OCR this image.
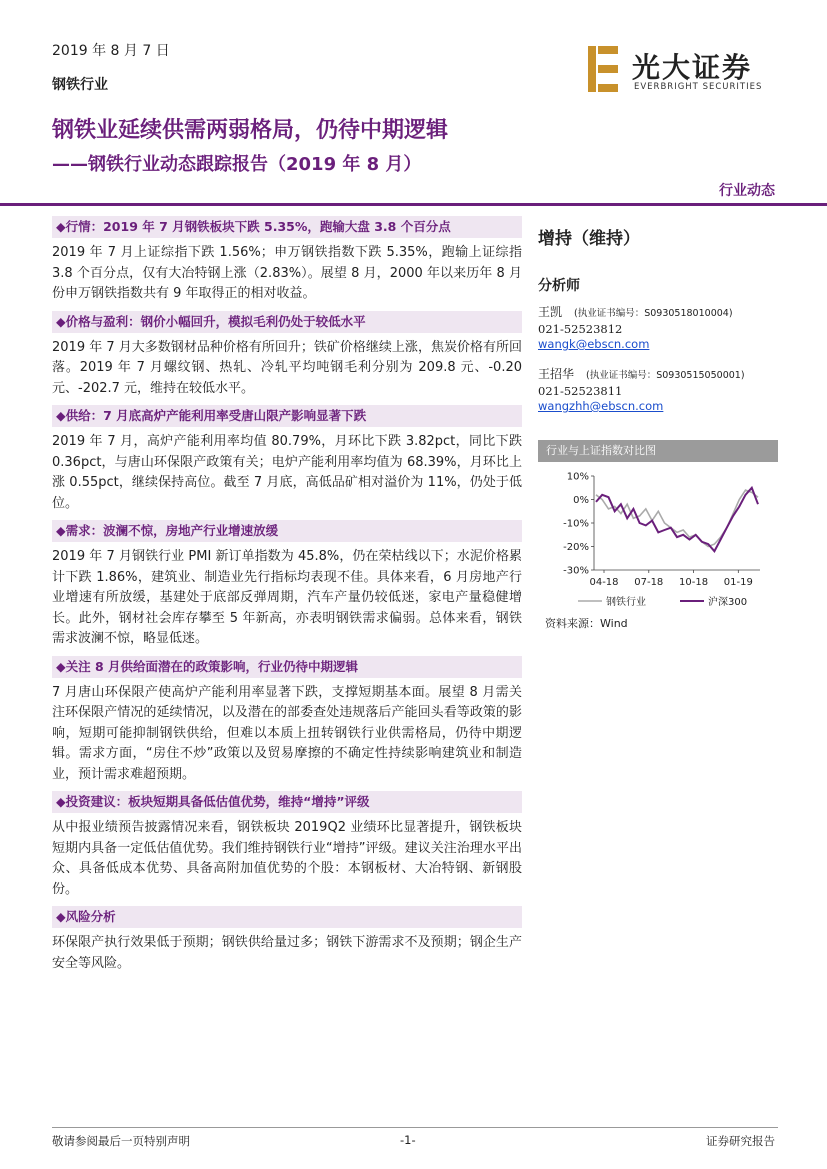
2019 年 8 月 7 日
钢铁行业
光大证券
EVERBRIGHT SECURITIES
钢铁业延续供需两弱格局，仍待中期逻辑
——钢铁行业动态跟踪报告（2019 年 8 月）
行业动态
◆行情：2019 年 7 月钢铁板块下跌 5.35%，跑输大盘 3.8 个百分点

2019 年 7 月上证综指下跌 1.56%；申万钢铁指数下跌 5.35%，跑输上证综指 3.8 个百分点，仅有大冶特钢上涨（2.83%）。展望 8 月，2000 年以来历年 8 月份申万钢铁指数共有 9 年取得正的相对收益。

◆价格与盈利：钢价小幅回升，模拟毛利仍处于较低水平

2019 年 7 月大多数钢材品种价格有所回升；铁矿价格继续上涨，焦炭价格有所回落。2019 年 7 月螺纹钢、热轧、冷轧平均吨钢毛利分别为 209.8 元、-0.20 元、-202.7 元，维持在较低水平。

◆供给：7 月底高炉产能利用率受唐山限产影响显著下跌

2019 年 7 月，高炉产能利用率均值 80.79%，月环比下跌 3.82pct，同比下跌 0.36pct，与唐山环保限产政策有关；电炉产能利用率均值为 68.39%，月环比上涨 0.55pct，继续保持高位。截至 7 月底，高低品矿相对溢价为 11%，仍处于低位。

◆需求：波澜不惊，房地产行业增速放缓

2019 年 7 月钢铁行业 PMI 新订单指数为 45.8%，仍在荣枯线以下；水泥价格累计下跌 1.86%，建筑业、制造业先行指标均表现不佳。具体来看，6 月房地产行业增速有所放缓，基建处于底部反弹周期，汽车产量仍较低迷，家电产量稳健增长。此外，钢材社会库存攀至 5 年新高，亦表明钢铁需求偏弱。总体来看，钢铁需求波澜不惊，略显低迷。

◆关注 8 月供给面潜在的政策影响，行业仍待中期逻辑

7 月唐山环保限产使高炉产能利用率显著下跌，支撑短期基本面。展望 8 月需关注环保限产情况的延续情况，以及潜在的部委查处违规落后产能回头看等政策的影响，短期可能抑制钢铁供给，但难以本质上扭转钢铁行业供需格局，仍待中期逻辑。需求方面，“房住不炒”政策以及贸易摩擦的不确定性持续影响建筑业和制造业，预计需求难超预期。

◆投资建议：板块短期具备低估值优势，维持“增持”评级

从中报业绩预告披露情况来看，钢铁板块 2019Q2 业绩环比显著提升，钢铁板块短期内具备一定低估值优势。我们维持钢铁行业“增持”评级。建议关注治理水平出众、具备低成本优势、具备高附加值优势的个股：本钢板材、大冶特钢、新钢股份。

◆风险分析

环保限产执行效果低于预期；钢铁供给量过多；钢铁下游需求不及预期；钢企生产安全等风险。

增持（维持）
分析师
王凯 (执业证书编号：S0930518010004)
021-52523812
wangk@ebscn.com
王招华 (执业证书编号：S0930515050001)
021-52523811
wangzhh@ebscn.com
行业与上证指数对比图
10%
0%
-10%
-20%
-30%
04-18 07-18 10-18 01-19
钢铁行业	沪深300
资料来源：Wind
敬请参阅最后一页特别声明	-1-	证券研究报告
